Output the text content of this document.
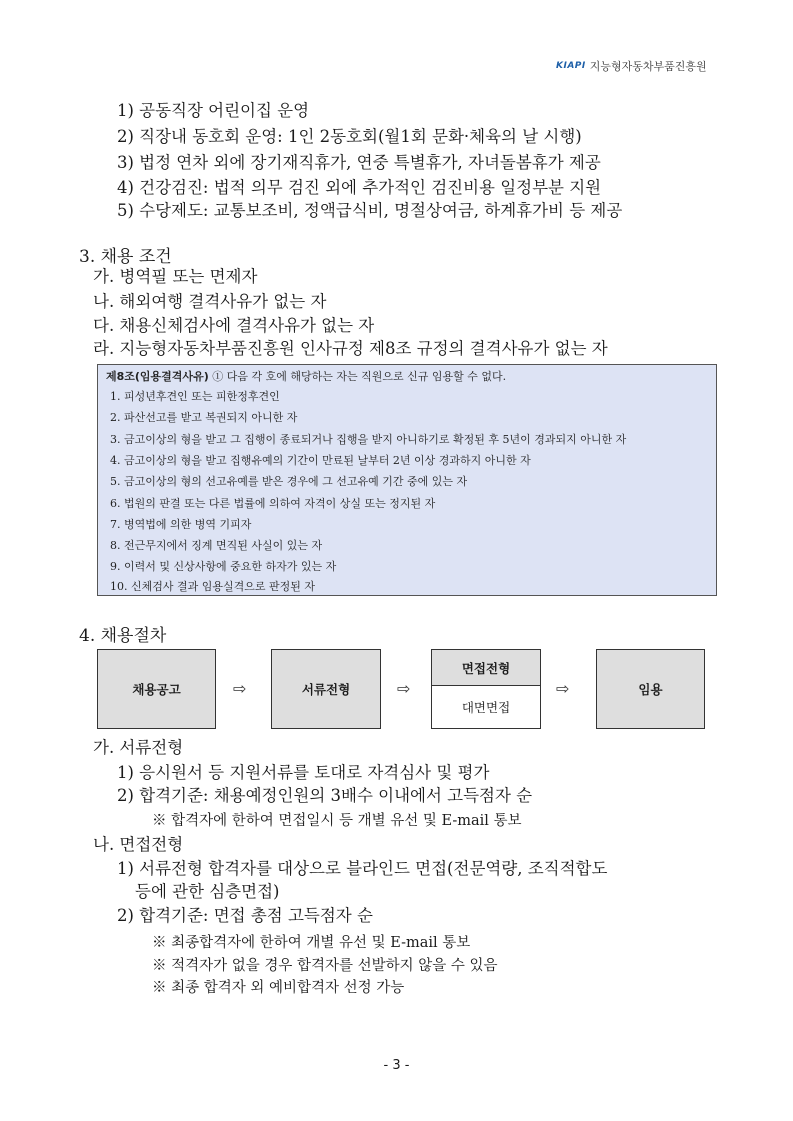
KIAPI 지능형자동차부품진흥원
1) 공동직장 어린이집 운영
2) 직장내 동호회 운영: 1인 2동호회(월1회 문화·체육의 날 시행)
3) 법정 연차 외에 장기재직휴가, 연중 특별휴가, 자녀돌봄휴가 제공
4) 건강검진: 법적 의무 검진 외에 추가적인 검진비용 일정부분 지원
5) 수당제도: 교통보조비, 정액급식비, 명절상여금, 하계휴가비 등 제공
3. 채용 조건
가. 병역필 또는 면제자
나. 해외여행 결격사유가 없는 자
다. 채용신체검사에 결격사유가 없는 자
라. 지능형자동차부품진흥원 인사규정 제8조 규정의 결격사유가 없는 자
제8조(임용결격사유) ① 다음 각 호에 해당하는 자는 직원으로 신규 임용할 수 없다.
1. 피성년후견인 또는 피한정후견인
2. 파산선고를 받고 복권되지 아니한 자
3. 금고이상의 형을 받고 그 집행이 종료되거나 집행을 받지 아니하기로 확정된 후 5년이 경과되지 아니한 자
4. 금고이상의 형을 받고 집행유예의 기간이 만료된 날부터 2년 이상 경과하지 아니한 자
5. 금고이상의 형의 선고유예를 받은 경우에 그 선고유예 기간 중에 있는 자
6. 법원의 판결 또는 다른 법률에 의하여 자격이 상실 또는 정지된 자
7. 병역법에 의한 병역 기피자
8. 전근무지에서 징계 면직된 사실이 있는 자
9. 이력서 및 신상사항에 중요한 하자가 있는 자
10. 신체검사 결과 임용실격으로 판정된 자
4. 채용절차
채용공고	⇨	서류전형	⇨
면접전형
대면면접
⇨	임용
가. 서류전형
1) 응시원서 등 지원서류를 토대로 자격심사 및 평가
2) 합격기준: 채용예정인원의 3배수 이내에서 고득점자 순
※ 합격자에 한하여 면접일시 등 개별 유선 및 E-mail 통보
나. 면접전형
1) 서류전형 합격자를 대상으로 블라인드 면접(전문역량, 조직적합도
등에 관한 심층면접)
2) 합격기준: 면접 총점 고득점자 순
※ 최종합격자에 한하여 개별 유선 및 E-mail 통보
※ 적격자가 없을 경우 합격자를 선발하지 않을 수 있음
※ 최종 합격자 외 예비합격자 선정 가능
- 3 -
